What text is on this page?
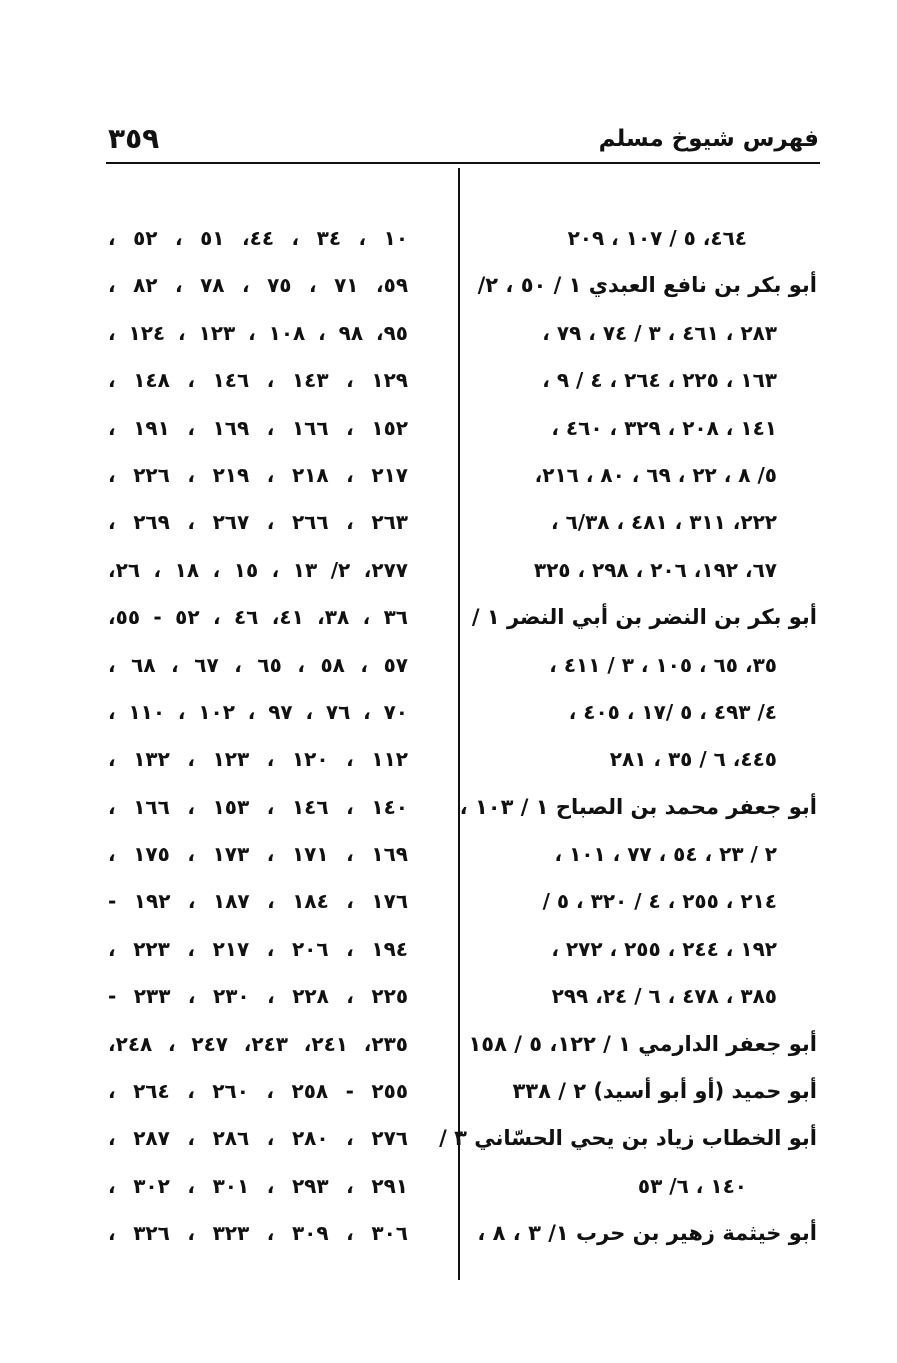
فهرس شيوخ مسلم
٣٥٩
٤٦٤، ٥ / ١٠٧ ، ٢٠٩
أبو بكر بن نافع العبدي ١ / ٥٠ ، ٢/
٢٨٣ ، ٤٦١ ، ٣ / ٧٤ ، ٧٩ ،
١٦٣ ، ٢٢٥ ، ٢٦٤ ، ٤ / ٩ ،
١٤١ ، ٢٠٨ ، ٣٢٩ ، ٤٦٠ ،
٥/ ٨ ، ٢٢ ، ٦٩ ، ٨٠ ، ٢١٦،
٢٢٢، ٣١١ ، ٤٨١ ، ٦/٣٨ ،
٦٧، ١٩٢، ٢٠٦ ، ٢٩٨ ، ٣٢٥
أبو بكر بن النضر بن أبي النضر ١ /
٣٥، ٦٥ ، ١٠٥ ، ٣ / ٤١١ ،
٤/ ٤٩٣ ، ٥ /١٧ ، ٤٠٥ ،
٤٤٥، ٦ / ٣٥ ، ٢٨١
أبو جعفر محمد بن الصباح ١ / ١٠٣ ،
٢ / ٢٣ ، ٥٤ ، ٧٧ ، ١٠١ ،
٢١٤ ، ٢٥٥ ، ٤ / ٣٢٠ ، ٥ /
١٩٢ ، ٢٤٤ ، ٢٥٥ ، ٢٧٢ ،
٣٨٥ ، ٤٧٨ ، ٦ / ٢٤، ٢٩٩
أبو جعفر الدارمي ١ / ١٢٢، ٥ / ١٥٨
أبو حميد (أو أبو أسيد) ٢ / ٣٣٨
أبو الخطاب زياد بن يحي الحسّاني ٣ /
١٤٠ ، ٦/ ٥٣
أبو خيثمة زهير بن حرب ١/ ٣ ، ٨ ،
١٠ ، ٣٤ ، ٤٤، ٥١ ، ٥٢ ،
٥٩، ٧١ ، ٧٥ ، ٧٨ ، ٨٢ ،
٩٥، ٩٨ ، ١٠٨ ، ١٢٣ ، ١٢٤ ،
١٢٩ ، ١٤٣ ، ١٤٦ ، ١٤٨ ،
١٥٢ ، ١٦٦ ، ١٦٩ ، ١٩١ ،
٢١٧ ، ٢١٨ ، ٢١٩ ، ٢٢٦ ،
٢٦٣ ، ٢٦٦ ، ٢٦٧ ، ٢٦٩ ،
٢٧٧، ٢/ ١٣ ، ١٥ ، ١٨ ، ٢٦،
٣٦ ، ٣٨، ٤١، ٤٦ ، ٥٢ - ٥٥،
٥٧ ، ٥٨ ، ٦٥ ، ٦٧ ، ٦٨ ،
٧٠ ، ٧٦ ، ٩٧ ، ١٠٢ ، ١١٠ ،
١١٢ ، ١٢٠ ، ١٢٣ ، ١٣٢ ،
١٤٠ ، ١٤٦ ، ١٥٣ ، ١٦٦ ،
١٦٩ ، ١٧١ ، ١٧٣ ، ١٧٥ ،
١٧٦ ، ١٨٤ ، ١٨٧ ، ١٩٢ -
١٩٤ ، ٢٠٦ ، ٢١٧ ، ٢٢٣ ،
٢٢٥ ، ٢٢٨ ، ٢٣٠ ، ٢٣٣ -
٢٣٥، ٢٤١، ٢٤٣، ٢٤٧ ، ٢٤٨،
٢٥٥ - ٢٥٨ ، ٢٦٠ ، ٢٦٤ ،
٢٧٦ ، ٢٨٠ ، ٢٨٦ ، ٢٨٧ ،
٢٩١ ، ٢٩٣ ، ٣٠١ ، ٣٠٢ ،
٣٠٦ ، ٣٠٩ ، ٣٢٣ ، ٣٢٦ ،
